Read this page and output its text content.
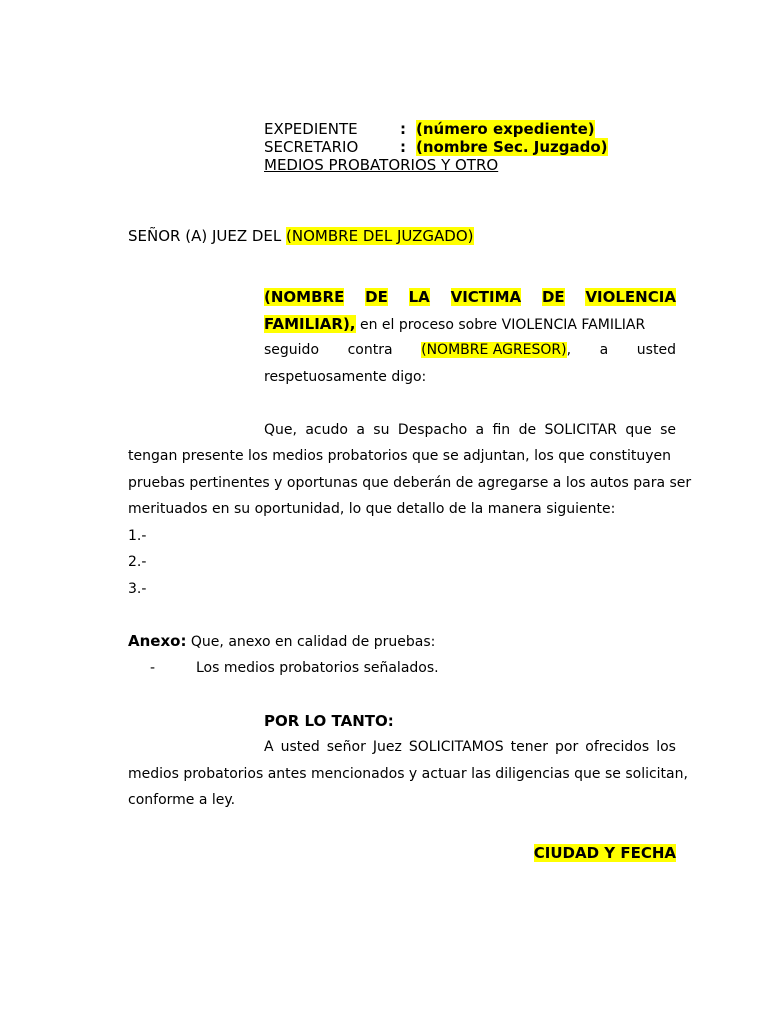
EXPEDIENTE	: (número expediente)
SECRETARIO	: (nombre Sec. Juzgado)
MEDIOS PROBATORIOS Y OTRO
SEÑOR (A) JUEZ DEL (NOMBRE DEL JUZGADO)
(NOMBRE DE LA VICTIMA DE VIOLENCIA
FAMILIAR), en el proceso sobre VIOLENCIA FAMILIAR
seguido contra (NOMBRE AGRESOR), a usted
respetuosamente digo:
Que, acudo a su Despacho a fin de SOLICITAR que se
tengan presente los medios probatorios que se adjuntan, los que constituyen
pruebas pertinentes y oportunas que deberán de agregarse a los autos para ser
merituados en su oportunidad, lo que detallo de la manera siguiente:
1.-
2.-
3.-
Anexo: Que, anexo en calidad de pruebas:
-	Los medios probatorios señalados.
POR LO TANTO:
A usted señor Juez SOLICITAMOS tener por ofrecidos los
medios probatorios antes mencionados y actuar las diligencias que se solicitan,
conforme a ley.
CIUDAD Y FECHA
